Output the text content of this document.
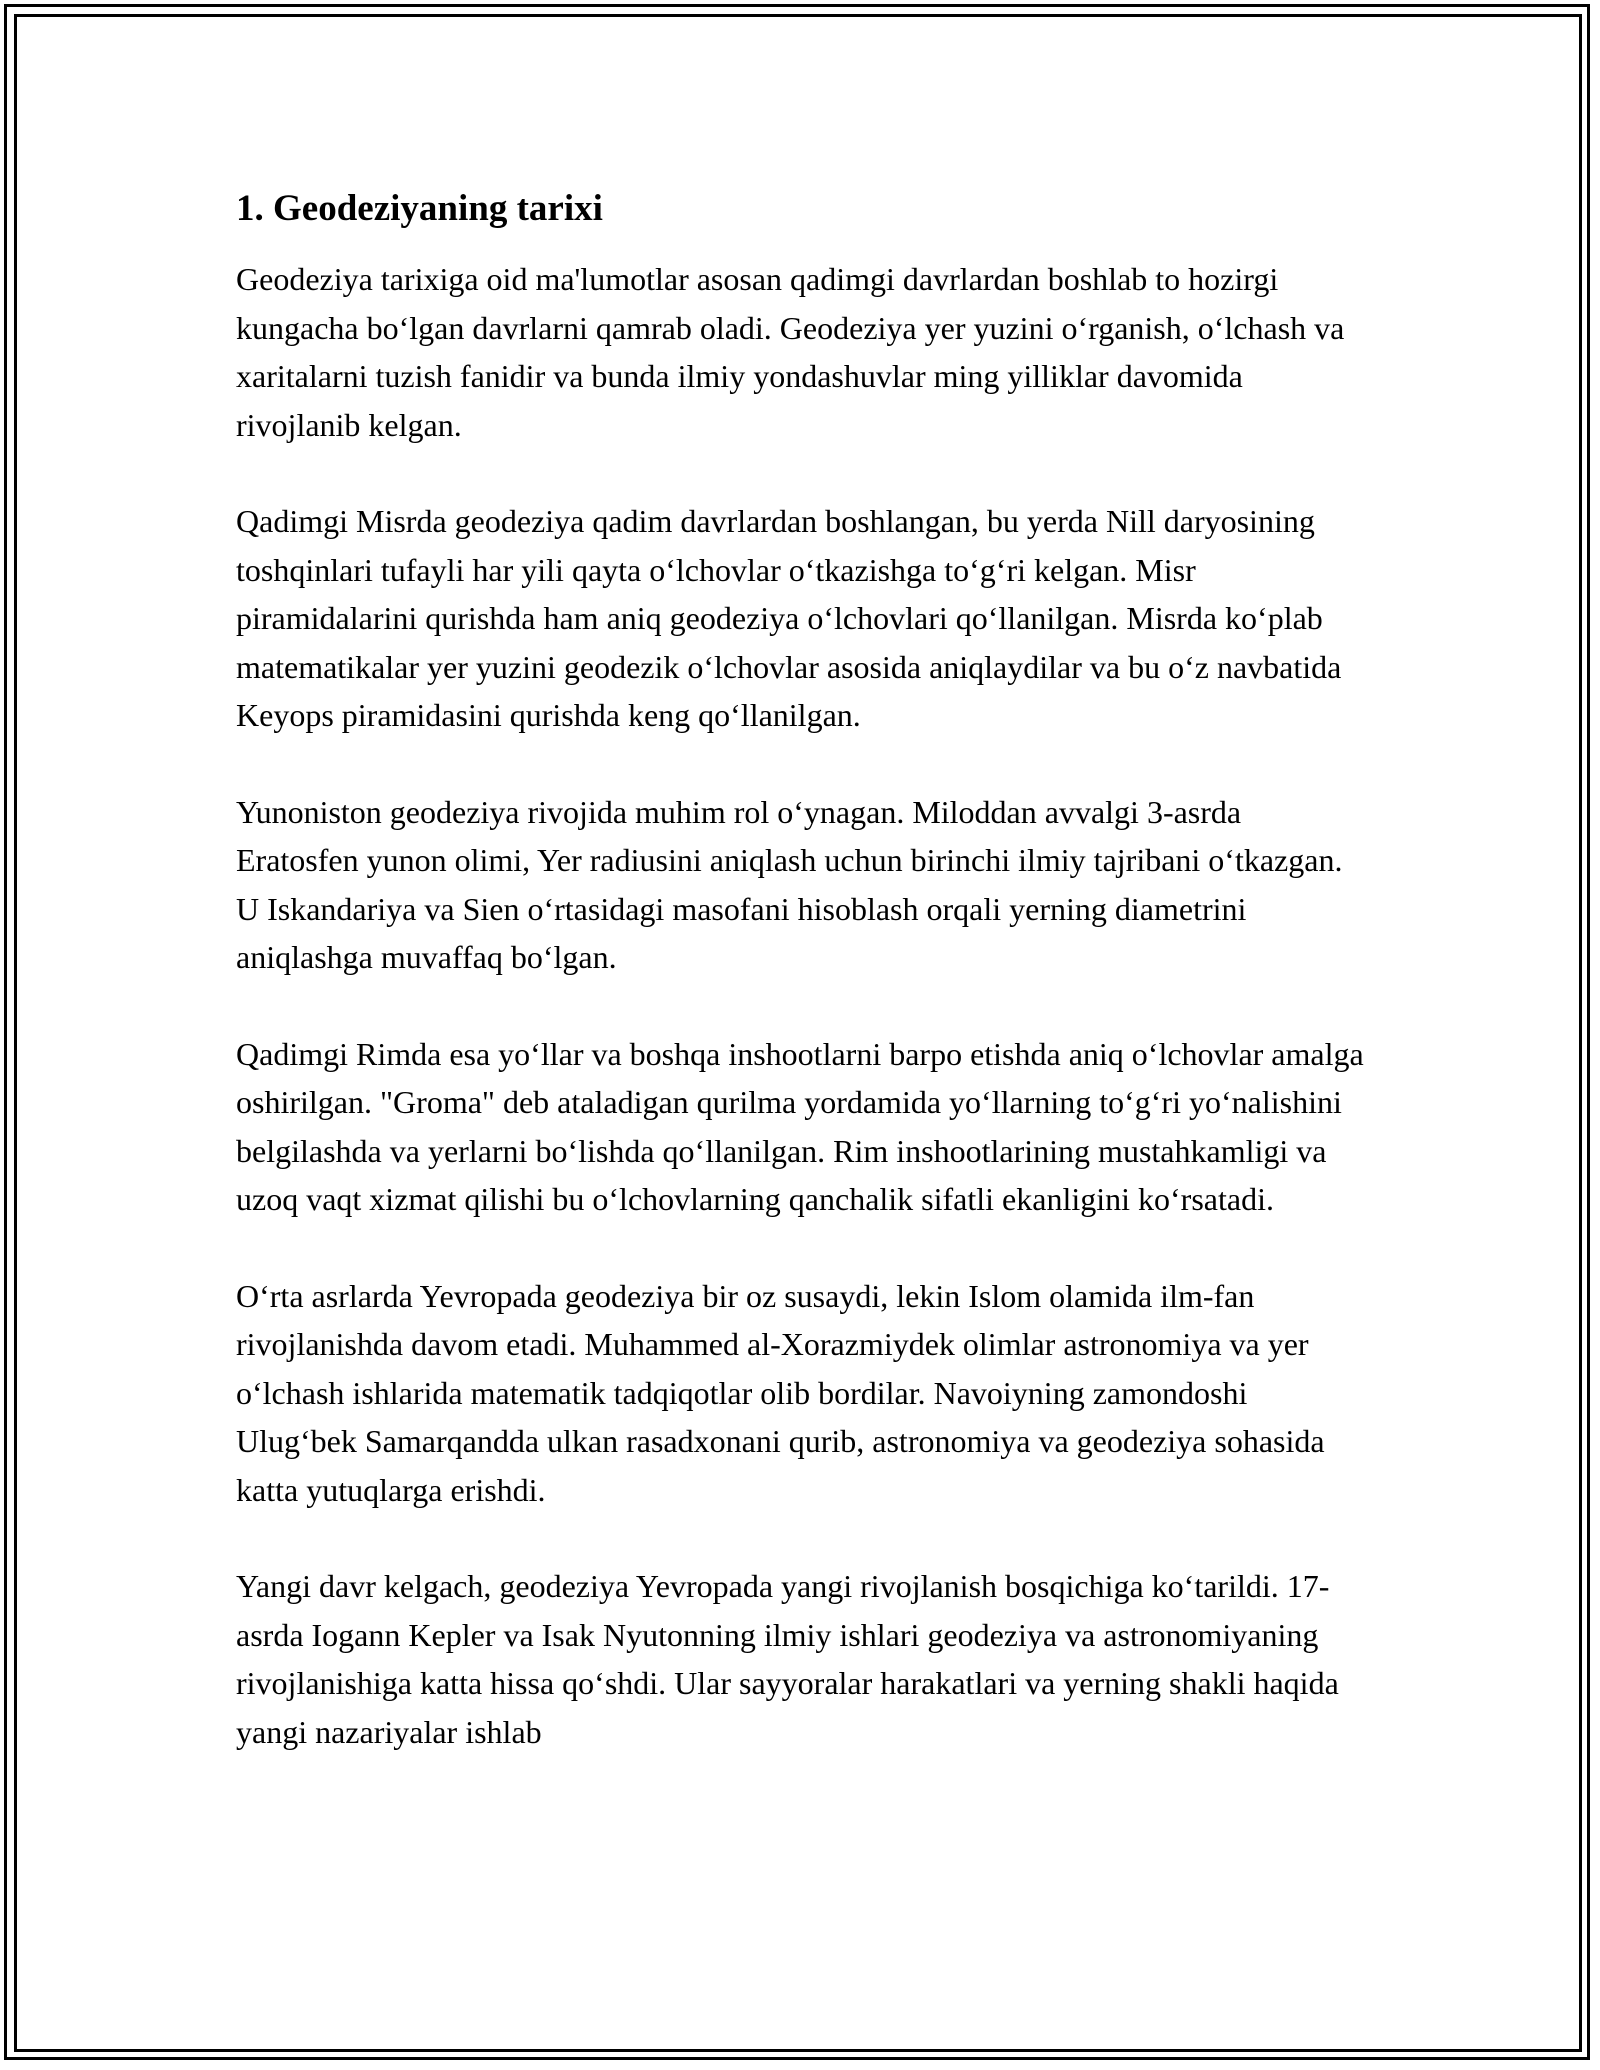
1. Geodeziyaning tarixi

Geodeziya tarixiga oid ma'lumotlar asosan qadimgi davrlardan boshlab to hozirgi kungacha bo‘lgan davrlarni qamrab oladi. Geodeziya yer yuzini o‘rganish, o‘lchash va xaritalarni tuzish fanidir va bunda ilmiy yondashuvlar ming yilliklar davomida rivojlanib kelgan.

Qadimgi Misrda geodeziya qadim davrlardan boshlangan, bu yerda Nill daryosining toshqinlari tufayli har yili qayta o‘lchovlar o‘tkazishga to‘g‘ri kelgan. Misr piramidalarini qurishda ham aniq geodeziya o‘lchovlari qo‘llanilgan. Misrda ko‘plab matematikalar yer yuzini geodezik o‘lchovlar asosida aniqlaydilar va bu o‘z navbatida Keyops piramidasini qurishda keng qo‘llanilgan.

Yunoniston geodeziya rivojida muhim rol o‘ynagan. Miloddan avvalgi 3-asrda Eratosfen yunon olimi, Yer radiusini aniqlash uchun birinchi ilmiy tajribani o‘tkazgan. U Iskandariya va Sien o‘rtasidagi masofani hisoblash orqali yerning diametrini aniqlashga muvaffaq bo‘lgan.

Qadimgi Rimda esa yo‘llar va boshqa inshootlarni barpo etishda aniq o‘lchovlar amalga oshirilgan. "Groma" deb ataladigan qurilma yordamida yo‘llarning to‘g‘ri yo‘nalishini belgilashda va yerlarni bo‘lishda qo‘llanilgan. Rim inshootlarining mustahkamligi va uzoq vaqt xizmat qilishi bu o‘lchovlarning qanchalik sifatli ekanligini ko‘rsatadi.

O‘rta asrlarda Yevropada geodeziya bir oz susaydi, lekin Islom olamida ilm-fan rivojlanishda davom etadi. Muhammed al-Xorazmiydek olimlar astronomiya va yer o‘lchash ishlarida matematik tadqiqotlar olib bordilar. Navoiyning zamondoshi Ulug‘bek Samarqandda ulkan rasadxonani qurib, astronomiya va geodeziya sohasida katta yutuqlarga erishdi.

Yangi davr kelgach, geodeziya Yevropada yangi rivojlanish bosqichiga ko‘tarildi. 17-asrda Iogann Kepler va Isak Nyutonning ilmiy ishlari geodeziya va astronomiyaning rivojlanishiga katta hissa qo‘shdi. Ular sayyoralar harakatlari va yerning shakli haqida yangi nazariyalar ishlab
